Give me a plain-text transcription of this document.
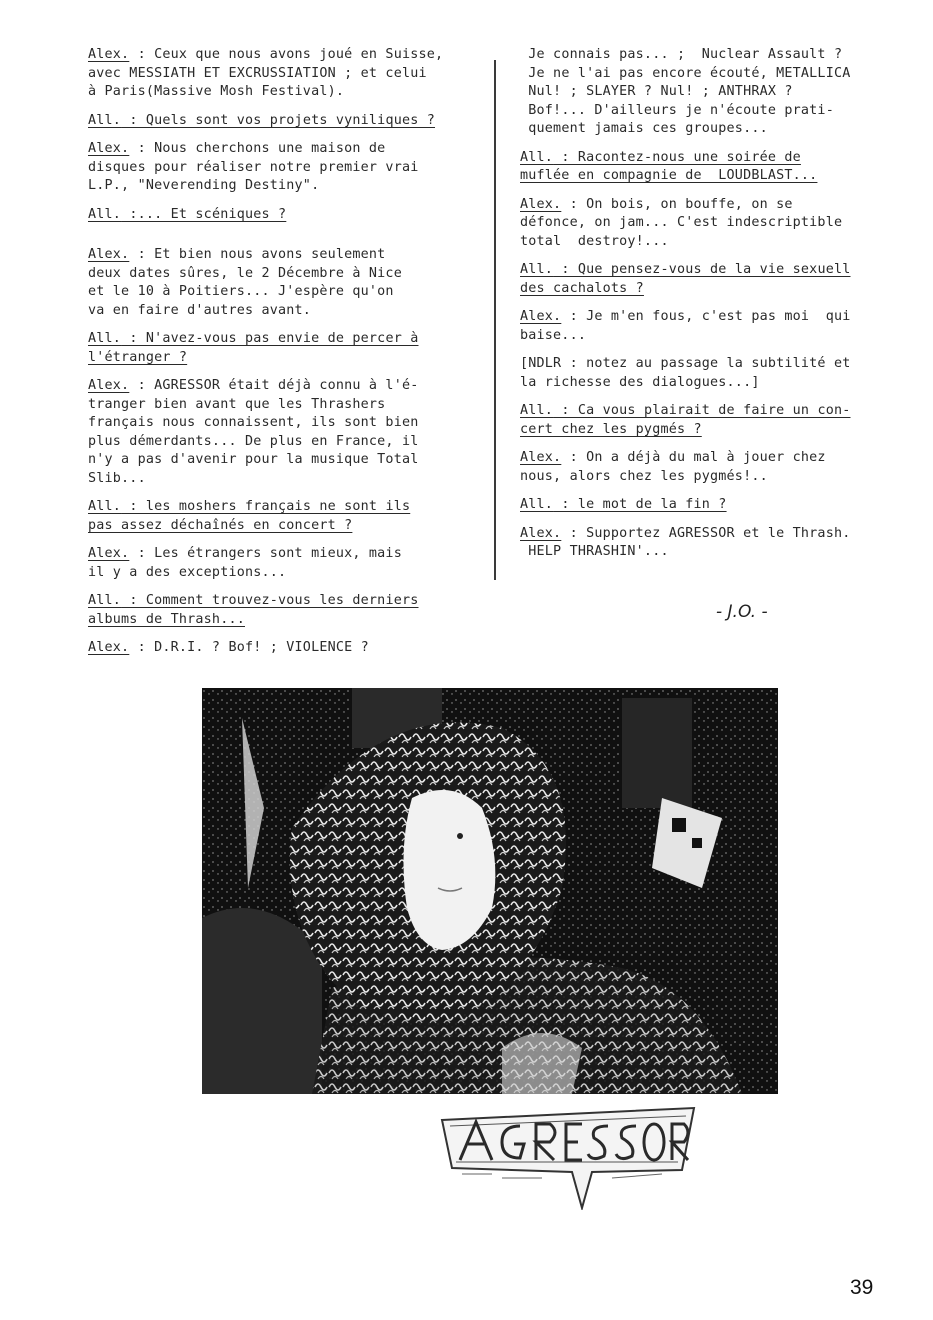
Alex. : Ceux que nous avons joué en Suisse,
avec MESSIATH ET EXCRUSSIATION ; et celui
à Paris(Massive Mosh Festival).
All. : Quels sont vos projets vyniliques ?
Alex. : Nous cherchons une maison de
disques pour réaliser notre premier vrai
L.P., "Neverending Destiny".
All. :... Et scéniques ?
Alex. : Et bien nous avons seulement
deux dates sûres, le 2 Décembre à Nice
et le 10 à Poitiers... J'espère qu'on
va en faire d'autres avant.
All. : N'avez-vous pas envie de percer à
l'étranger ?
Alex. : AGRESSOR était déjà connu à l'é-
tranger bien avant que les Thrashers
français nous connaissent, ils sont bien
plus démerdants... De plus en France, il
n'y a pas d'avenir pour la musique Total
Slib...
All. : les moshers français ne sont ils
pas assez déchaînés en concert ?
Alex. : Les étrangers sont mieux, mais
il y a des exceptions...
All. : Comment trouvez-vous les derniers
albums de Thrash...
Alex. : D.R.I. ? Bof! ; VIOLENCE ?
Je connais pas... ;  Nuclear Assault ?
Je ne l'ai pas encore écouté, METALLICA
Nul! ; SLAYER ? Nul! ; ANTHRAX ?
Bof!... D'ailleurs je n'écoute prati-
quement jamais ces groupes...
All. : Racontez-nous une soirée de
muflée en compagnie de  LOUDBLAST...
Alex. : On bois, on bouffe, on se
défonce, on jam... C'est indescriptible
total  destroy!...
All. : Que pensez-vous de la vie sexuell
des cachalots ?
Alex. : Je m'en fous, c'est pas moi  qui
baise...
[NDLR : notez au passage la subtilité et
la richesse des dialogues...]
All. : Ca vous plairait de faire un con-
cert chez les pygmés ?
Alex. : On a déjà du mal à jouer chez
nous, alors chez les pygmés!..
All. : le mot de la fin ?
Alex. : Supportez AGRESSOR et le Thrash.
HELP THRASHIN'...
- J.O. -
39
